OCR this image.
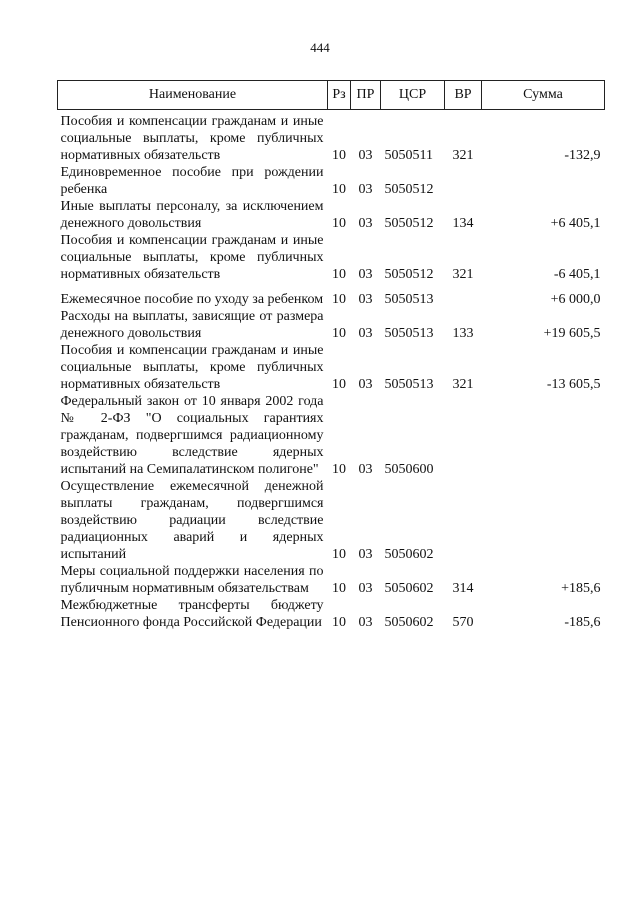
444
Наименование	Рз	ПР	ЦСР	ВР	Сумма
Пособия и компенсации гражданам и иные социальные выплаты, кроме публичных нормативных обязательств	10	03	5050511	321	-132,9
Единовременное пособие при рождении ребенка	10	03	5050512		
Иные выплаты персоналу, за исключением денежного довольствия	10	03	5050512	134	+6 405,1
Пособия и компенсации гражданам и иные социальные выплаты, кроме публичных нормативных обязательств	10	03	5050512	321	-6 405,1
Ежемесячное пособие по уходу за ребенком	10	03	5050513		+6 000,0
Расходы на выплаты, зависящие от размера денежного довольствия	10	03	5050513	133	+19 605,5
Пособия и компенсации гражданам и иные социальные выплаты, кроме публичных нормативных обязательств	10	03	5050513	321	-13 605,5
Федеральный закон от 10 января 2002 года № 2-ФЗ "О социальных гарантиях гражданам, подвергшимся радиационному воздействию вследствие ядерных испытаний на Семипалатинском полигоне"	10	03	5050600		
Осуществление ежемесячной денежной выплаты гражданам, подвергшимся воздействию радиации вследствие радиационных аварий и ядерных испытаний	10	03	5050602		
Меры социальной поддержки населения по публичным нормативным обязательствам	10	03	5050602	314	+185,6
Межбюджетные трансферты бюджету Пенсионного фонда Российской Федерации	10	03	5050602	570	-185,6
